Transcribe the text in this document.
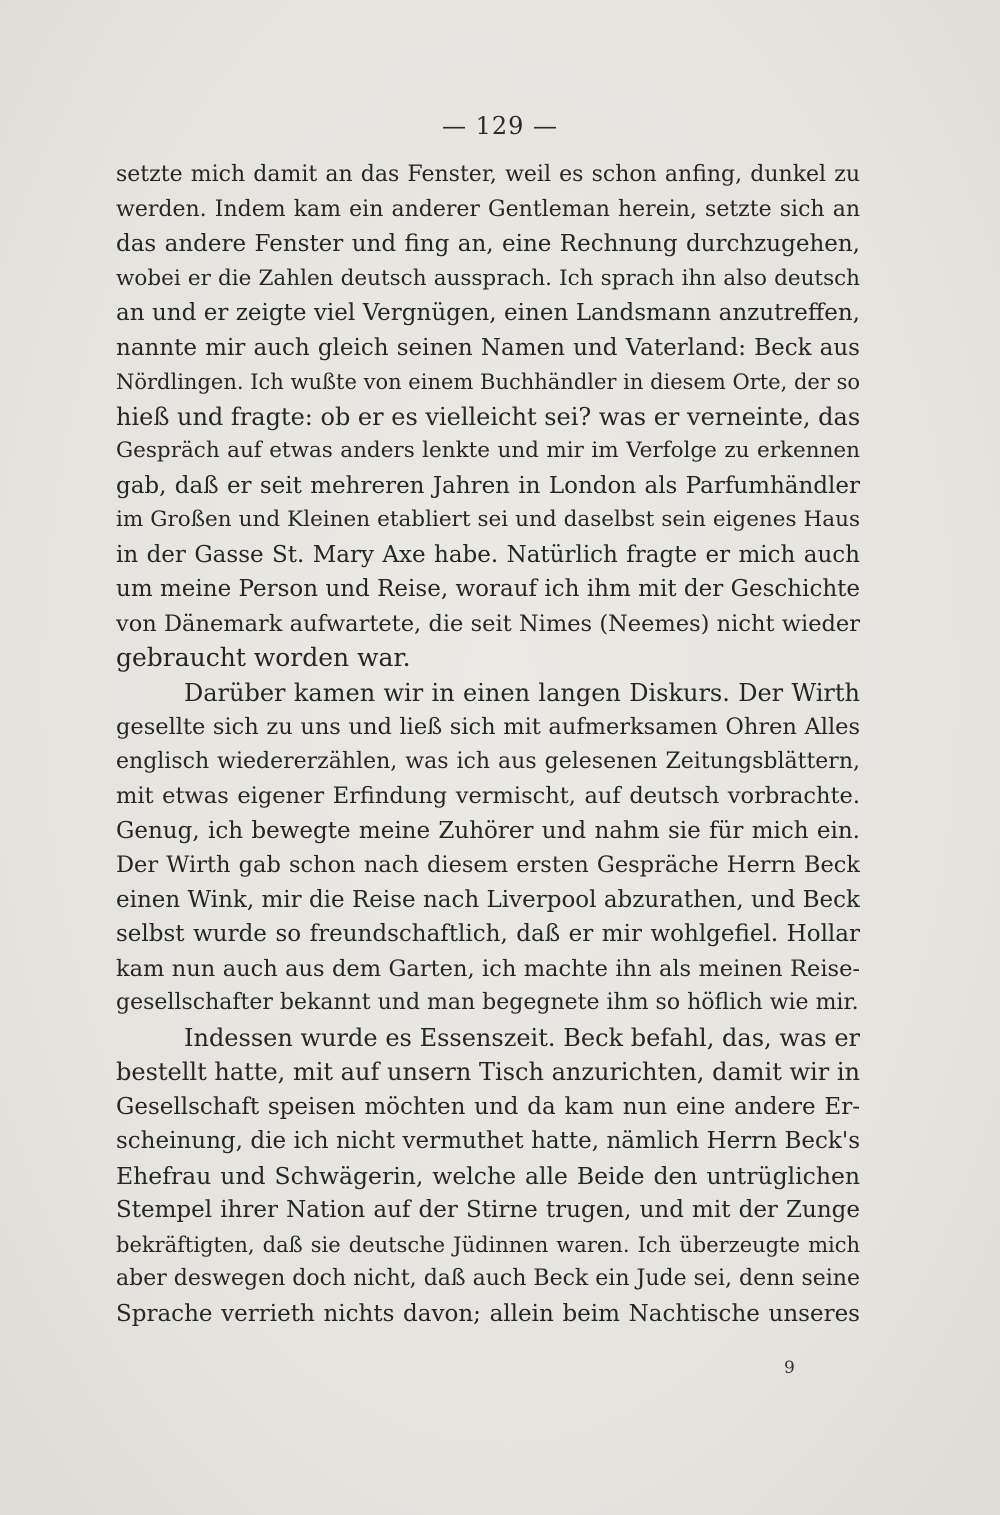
— 129 —
setzte mich damit an das Fenster, weil es schon anfing, dunkel zu
werden. Indem kam ein anderer Gentleman herein, setzte sich an
das andere Fenster und fing an, eine Rechnung durchzugehen,
wobei er die Zahlen deutsch aussprach. Ich sprach ihn also deutsch
an und er zeigte viel Vergnügen, einen Landsmann anzutreffen,
nannte mir auch gleich seinen Namen und Vaterland: Beck aus
Nördlingen. Ich wußte von einem Buchhändler in diesem Orte, der so
hieß und fragte: ob er es vielleicht sei? was er verneinte, das
Gespräch auf etwas anders lenkte und mir im Verfolge zu erkennen
gab, daß er seit mehreren Jahren in London als Parfumhändler
im Großen und Kleinen etabliert sei und daselbst sein eigenes Haus
in der Gasse St. Mary Axe habe. Natürlich fragte er mich auch
um meine Person und Reise, worauf ich ihm mit der Geschichte
von Dänemark aufwartete, die seit Nimes (Neemes) nicht wieder
gebraucht worden war.
Darüber kamen wir in einen langen Diskurs. Der Wirth
gesellte sich zu uns und ließ sich mit aufmerksamen Ohren Alles
englisch wiedererzählen, was ich aus gelesenen Zeitungsblättern,
mit etwas eigener Erfindung vermischt, auf deutsch vorbrachte.
Genug, ich bewegte meine Zuhörer und nahm sie für mich ein.
Der Wirth gab schon nach diesem ersten Gespräche Herrn Beck
einen Wink, mir die Reise nach Liverpool abzurathen, und Beck
selbst wurde so freundschaftlich, daß er mir wohlgefiel. Hollar
kam nun auch aus dem Garten, ich machte ihn als meinen Reise-
gesellschafter bekannt und man begegnete ihm so höflich wie mir.
Indessen wurde es Essenszeit. Beck befahl, das, was er
bestellt hatte, mit auf unsern Tisch anzurichten, damit wir in
Gesellschaft speisen möchten und da kam nun eine andere Er-
scheinung, die ich nicht vermuthet hatte, nämlich Herrn Beck's
Ehefrau und Schwägerin, welche alle Beide den untrüglichen
Stempel ihrer Nation auf der Stirne trugen, und mit der Zunge
bekräftigten, daß sie deutsche Jüdinnen waren. Ich überzeugte mich
aber deswegen doch nicht, daß auch Beck ein Jude sei, denn seine
Sprache verrieth nichts davon; allein beim Nachtische unseres
9
